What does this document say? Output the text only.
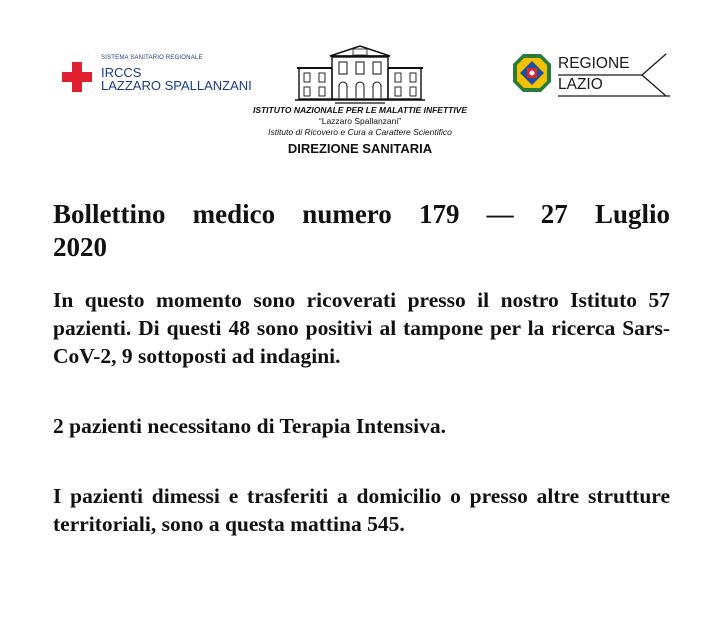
SISTEMA SANITARIO REGIONALE
IRCCS
LAZZARO SPALLANZANI
ISTITUTO NAZIONALE PER LE MALATTIE INFETTIVE
“Lazzaro Spallanzani”
Istituto di Ricovero e Cura a Carattere Scientifico
DIREZIONE SANITARIA
REGIONE
LAZIO
Bollettino medico numero 179 — 27 Luglio
2020

In questo momento sono ricoverati presso il nostro Istituto 57 pazienti. Di questi 48 sono positivi al tampone per la ricerca Sars-CoV-2, 9 sottoposti ad indagini.

2 pazienti necessitano di Terapia Intensiva.

I pazienti dimessi e trasferiti a domicilio o presso altre strutture territoriali, sono a questa mattina 545.
